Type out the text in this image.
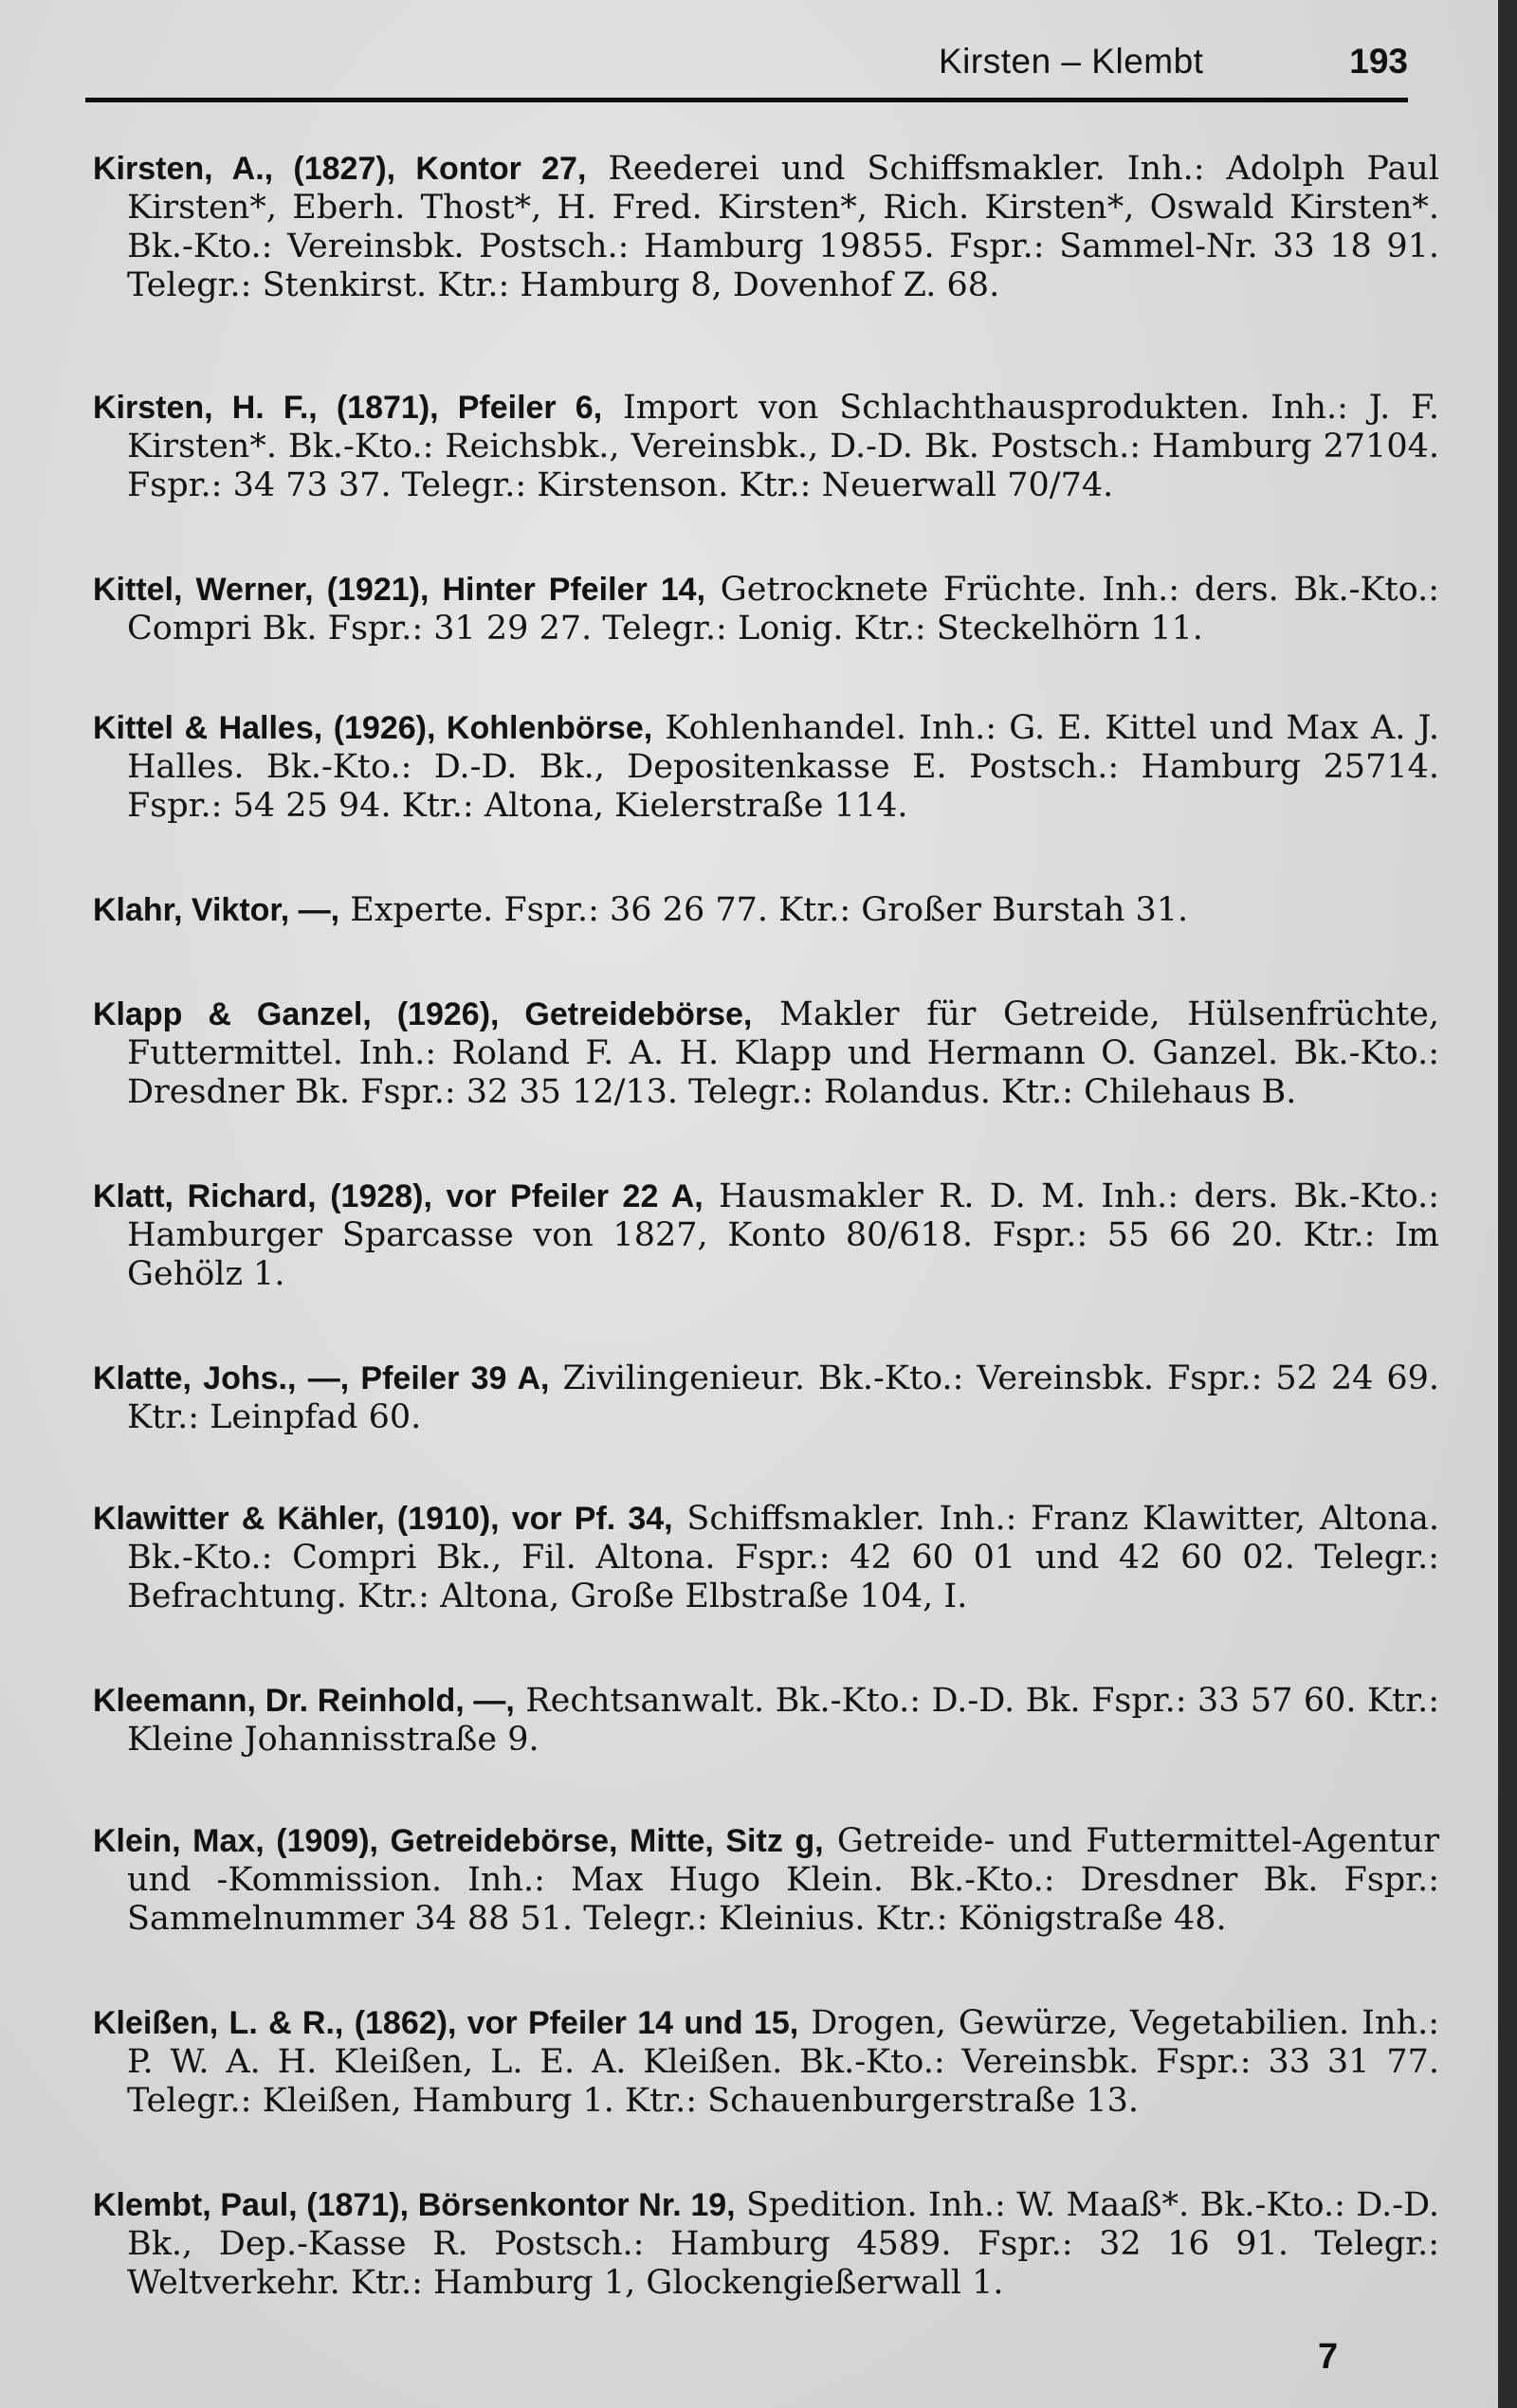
Kirsten – Klembt	193

Kirsten, A., (1827), Kontor 27, Reederei und Schiffsmakler. Inh.: Adolph Paul Kirsten*, Eberh. Thost*, H. Fred. Kirsten*, Rich. Kirsten*, Oswald Kirsten*. Bk.-Kto.: Vereinsbk. Postsch.: Hamburg 19855. Fspr.: Sammel-Nr. 33 18 91. Telegr.: Stenkirst. Ktr.: Hamburg 8, Dovenhof Z. 68.

Kirsten, H. F., (1871), Pfeiler 6, Import von Schlachthausprodukten. Inh.: J. F. Kirsten*. Bk.-Kto.: Reichsbk., Vereinsbk., D.-D. Bk. Postsch.: Hamburg 27104. Fspr.: 34 73 37. Telegr.: Kirstenson. Ktr.: Neuerwall 70/74.

Kittel, Werner, (1921), Hinter Pfeiler 14, Getrocknete Früchte. Inh.: ders. Bk.-Kto.: Compri Bk. Fspr.: 31 29 27. Telegr.: Lonig. Ktr.: Steckelhörn 11.

Kittel & Halles, (1926), Kohlenbörse, Kohlenhandel. Inh.: G. E. Kittel und Max A. J. Halles. Bk.-Kto.: D.-D. Bk., Depositenkasse E. Postsch.: Hamburg 25714. Fspr.: 54 25 94. Ktr.: Altona, Kielerstraße 114.

Klahr, Viktor, —, Experte. Fspr.: 36 26 77. Ktr.: Großer Burstah 31.

Klapp & Ganzel, (1926), Getreidebörse, Makler für Getreide, Hülsenfrüchte, Futtermittel. Inh.: Roland F. A. H. Klapp und Hermann O. Ganzel. Bk.-Kto.: Dresdner Bk. Fspr.: 32 35 12/13. Telegr.: Rolandus. Ktr.: Chilehaus B.

Klatt, Richard, (1928), vor Pfeiler 22 A, Hausmakler R. D. M. Inh.: ders. Bk.-Kto.: Hamburger Sparcasse von 1827, Konto 80/618. Fspr.: 55 66 20. Ktr.: Im Gehölz 1.

Klatte, Johs., —, Pfeiler 39 A, Zivilingenieur. Bk.-Kto.: Vereinsbk. Fspr.: 52 24 69. Ktr.: Leinpfad 60.

Klawitter & Kähler, (1910), vor Pf. 34, Schiffsmakler. Inh.: Franz Klawitter, Altona. Bk.-Kto.: Compri Bk., Fil. Altona. Fspr.: 42 60 01 und 42 60 02. Telegr.: Befrachtung. Ktr.: Altona, Große Elbstraße 104, I.

Kleemann, Dr. Reinhold, —, Rechtsanwalt. Bk.-Kto.: D.-D. Bk. Fspr.: 33 57 60. Ktr.: Kleine Johannisstraße 9.

Klein, Max, (1909), Getreidebörse, Mitte, Sitz g, Getreide- und Futtermittel-Agentur und -Kommission. Inh.: Max Hugo Klein. Bk.-Kto.: Dresdner Bk. Fspr.: Sammelnummer 34 88 51. Telegr.: Kleinius. Ktr.: Königstraße 48.

Kleißen, L. & R., (1862), vor Pfeiler 14 und 15, Drogen, Gewürze, Vegetabilien. Inh.: P. W. A. H. Kleißen, L. E. A. Kleißen. Bk.-Kto.: Vereinsbk. Fspr.: 33 31 77. Telegr.: Kleißen, Hamburg 1. Ktr.: Schauenburgerstraße 13.

Klembt, Paul, (1871), Börsenkontor Nr. 19, Spedition. Inh.: W. Maaß*. Bk.-Kto.: D.-D. Bk., Dep.-Kasse R. Postsch.: Hamburg 4589. Fspr.: 32 16 91. Telegr.: Weltverkehr. Ktr.: Hamburg 1, Glockengießerwall 1.

7
